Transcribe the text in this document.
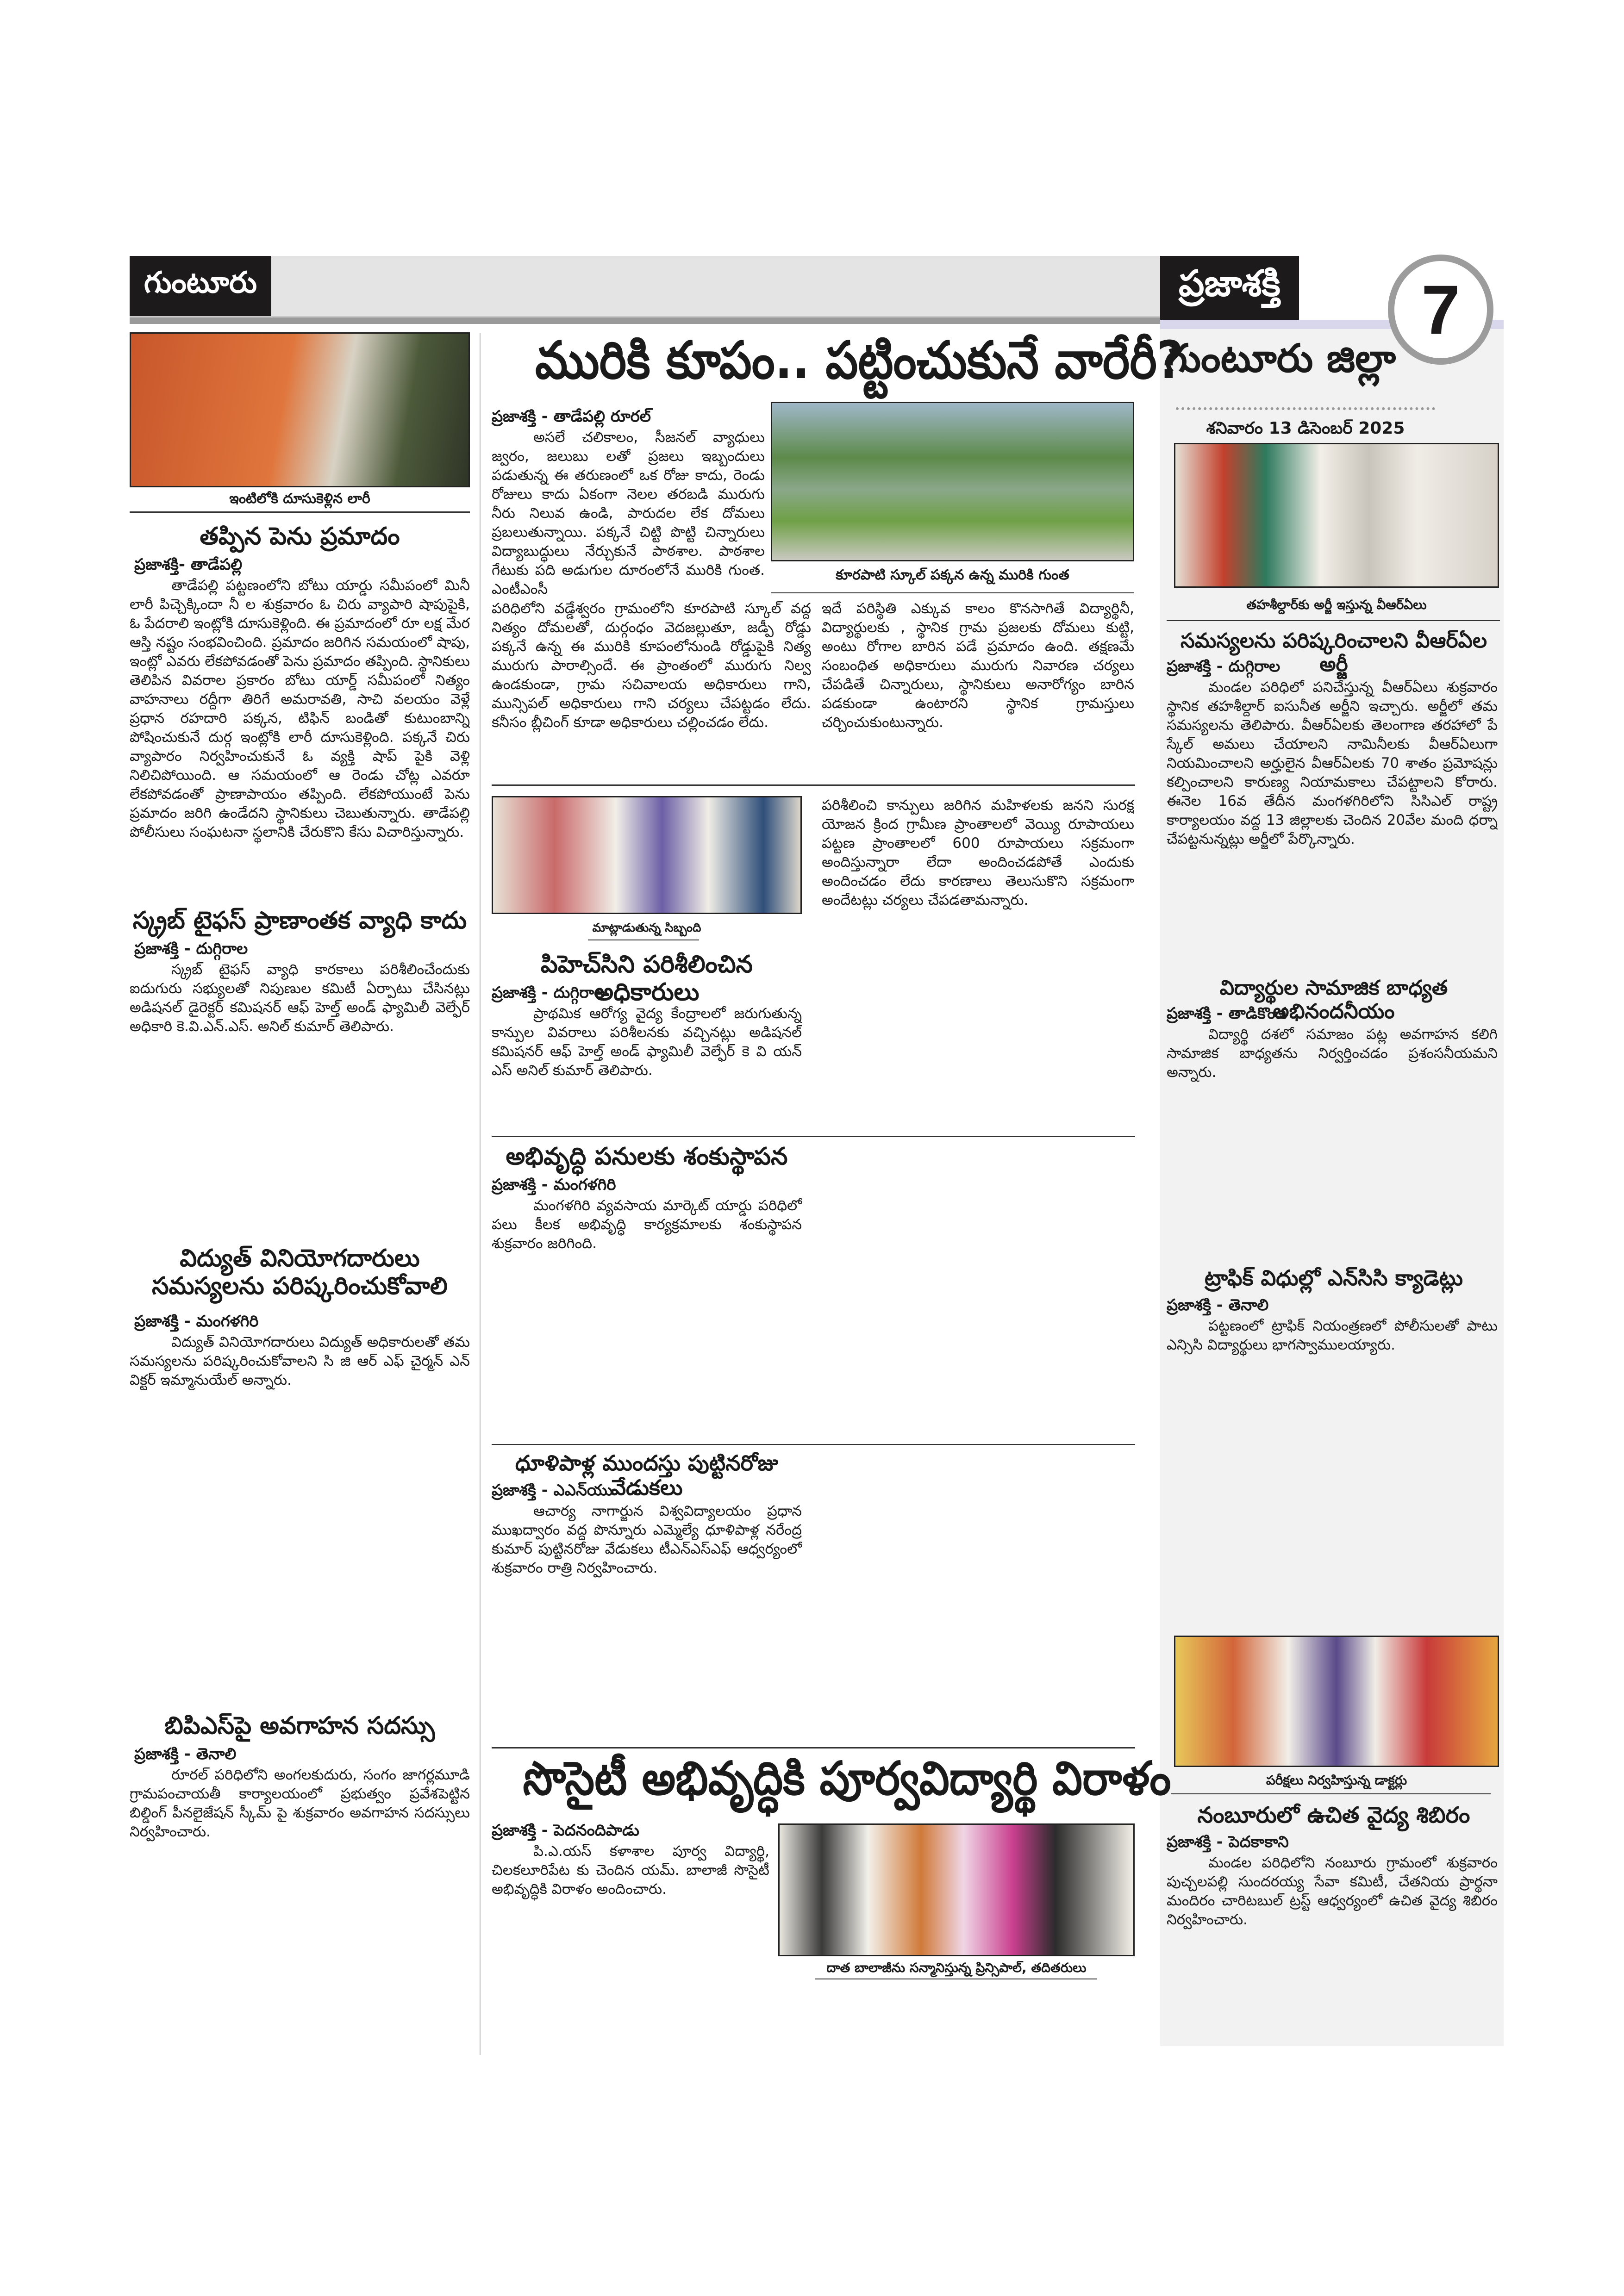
గుంటూరు	ప్రజాశక్తి	7
గుంటూరు జిల్లా
శనివారం 13 డిసెంబర్ 2025
ఇంటిలోకి దూసుకెళ్లిన లారీ
తప్పిన పెను ప్రమాదం
ప్రజాశక్తి- తాడేపల్లి

తాడేపల్లి పట్టణంలోని బోటు యార్డు సమీపంలో మినీ లారీ పిచ్చెక్కిందా నీ ల శుక్రవారం ఓ చిరు వ్యాపారి షాపుపైకి, ఓ పేదరాలి ఇంట్లోకి దూసుకెళ్లింది. ఈ ప్రమాదంలో రూ లక్ష మేర ఆస్తి నష్టం సంభవించింది. ప్రమాదం జరిగిన సమయంలో షాపు, ఇంట్లో ఎవరు లేకపోవడంతో పెను ప్రమాదం తప్పింది. స్థానికులు తెలిపిన వివరాల ప్రకారం బోటు యార్డ్ సమీపంలో నిత్యం వాహనాలు రద్దీగా తిరిగే అమరావతి, సాచి వలయం వెళ్లే ప్రధాన రహదారి పక్కన, టిఫిన్ బండితో కుటుంబాన్ని పోషించుకునే దుర్గ ఇంట్లోకి లారీ దూసుకెళ్లింది. పక్కనే చిరు వ్యాపారం నిర్వహించుకునే ఓ వ్యక్తి షాప్ పైకి వెళ్లి నిలిచిపోయింది. ఆ సమయంలో ఆ రెండు చోట్ల ఎవరూ లేకపోవడంతో ప్రాణాపాయం తప్పింది. లేకపోయుంటే పెను ప్రమాదం జరిగి ఉండేదని స్థానికులు చెబుతున్నారు. తాడేపల్లి పోలీసులు సంఘటనా స్థలానికి చేరుకొని కేసు విచారిస్తున్నారు.

స్క్రబ్ టైఫస్ ప్రాణాంతక వ్యాధి కాదు
ప్రజాశక్తి - దుగ్గిరాల

స్క్రబ్ టైఫస్ వ్యాధి కారకాలు పరిశీలించేందుకు ఐదుగురు సభ్యులతో నిపుణుల కమిటీ ఏర్పాటు చేసినట్లు అడిషనల్ డైరెక్టర్ కమిషనర్ ఆఫ్ హెల్త్ అండ్ ఫ్యామిలీ వెల్ఫేర్ అధికారి కె.వి.ఎన్.ఎస్. అనిల్ కుమార్ తెలిపారు.

విద్యుత్ వినియోగదారులు సమస్యలను పరిష్కరించుకోవాలి
ప్రజాశక్తి - మంగళగిరి

విద్యుత్ వినియోగదారులు విద్యుత్ అధికారులతో తమ సమస్యలను పరిష్కరించుకోవాలని సి జి ఆర్ ఎఫ్ చైర్మన్ ఎన్ విక్టర్ ఇమ్మానుయేల్ అన్నారు.

బిపిఎస్‌పై అవగాహన సదస్సు
ప్రజాశక్తి - తెనాలి

రూరల్ పరిధిలోని అంగలకుదురు, సంగం జాగర్లమూడి గ్రామపంచాయతీ కార్యాలయంలో ప్రభుత్వం ప్రవేశపెట్టిన బిల్డింగ్ పీనలైజేషన్ స్కీమ్ పై శుక్రవారం అవగాహన సదస్సులు నిర్వహించారు.

మురికి కూపం.. పట్టించుకునే వారేరీ?
ప్రజాశక్తి - తాడేపల్లి రూరల్

అసలే చలికాలం, సీజనల్ వ్యాధులు జ్వరం, జలుబు లతో ప్రజలు ఇబ్బందులు పడుతున్న ఈ తరుణంలో ఒక రోజు కాదు, రెండు రోజులు కాదు ఏకంగా నెలల తరబడి మురుగు నీరు నిలువ ఉండి, పారుదల లేక దోమలు ప్రబలుతున్నాయి. పక్కనే చిట్టి పొట్టి చిన్నారులు విద్యాబుద్ధులు నేర్చుకునే పాఠశాల. పాఠశాల గేటుకు పది అడుగుల దూరంలోనే మురికి గుంత. ఎంటీఎంసీ

కూరపాటి స్కూల్ పక్కన ఉన్న మురికి గుంత

పరిధిలోని వడ్డేశ్వరం గ్రామంలోని కూరపాటి స్కూల్ వద్ద నిత్యం దోమలతో, దుర్గంధం వెదజల్లుతూ, జడ్పీ రోడ్డు పక్కనే ఉన్న ఈ మురికి కూపంలోనుండి రోడ్డుపైకి నిత్య మురుగు పారాల్సిందే. ఈ ప్రాంతంలో మురుగు నిల్వ ఉండకుండా, గ్రామ సచివాలయ అధికారులు గాని, మున్సిపల్ అధికారులు గాని చర్యలు చేపట్టడం లేదు. కనీసం బ్లీచింగ్ కూడా అధికారులు చల్లించడం లేదు.

ఇదే పరిస్థితి ఎక్కువ కాలం కొనసాగితే విద్యార్థినీ, విద్యార్థులకు , స్థానిక గ్రామ ప్రజలకు దోమలు కుట్టి, అంటు రోగాల బారిన పడే ప్రమాదం ఉంది. తక్షణమే సంబంధిత అధికారులు మురుగు నివారణ చర్యలు చేపడితే చిన్నారులు, స్థానికులు అనారోగ్యం బారిన పడకుండా ఉంటారని స్థానిక గ్రామస్తులు చర్చించుకుంటున్నారు.

మాట్లాడుతున్న సిబ్బంది
పిహెచ్‌సిని పరిశీలించిన అధికారులు
ప్రజాశక్తి - దుగ్గిరాల

ప్రాథమిక ఆరోగ్య వైద్య కేంద్రాలలో జరుగుతున్న కాన్పుల వివరాలు పరిశీలనకు వచ్చినట్లు అడిషనల్ కమిషనర్ ఆఫ్ హెల్త్ అండ్ ఫ్యామిలీ వెల్ఫేర్ కె వి యన్ ఎస్ అనిల్ కుమార్ తెలిపారు.

పరిశీలించి కాన్పులు జరిగిన మహిళలకు జనని సురక్ష యోజన క్రింద గ్రామీణ ప్రాంతాలలో వెయ్యి రూపాయలు పట్టణ ప్రాంతాలలో 600 రూపాయలు సక్రమంగా అందిస్తున్నారా లేదా అందించడపోతే ఎందుకు అందించడం లేదు కారణాలు తెలుసుకొని సక్రమంగా అందేటట్లు చర్యలు చేపడతామన్నారు.

అభివృద్ధి పనులకు శంకుస్థాపన
ప్రజాశక్తి - మంగళగిరి

మంగళగిరి వ్యవసాయ మార్కెట్ యార్డు పరిధిలో పలు కీలక అభివృద్ధి కార్యక్రమాలకు శంకుస్థాపన శుక్రవారం జరిగింది.

ధూళిపాళ్ల ముందస్తు పుట్టినరోజు వేడుకలు
ప్రజాశక్తి - ఎఎన్‌యు

ఆచార్య నాగార్జున విశ్వవిద్యాలయం ప్రధాన ముఖద్వారం వద్ద పొన్నూరు ఎమ్మెల్యే ధూళిపాళ్ల నరేంద్ర కుమార్ పుట్టినరోజు వేడుకలు టీఎన్ఎస్ఎఫ్ ఆధ్వర్యంలో శుక్రవారం రాత్రి నిర్వహించారు.

సొసైటీ అభివృద్ధికి పూర్వవిద్యార్థి విరాళం
ప్రజాశక్తి - పెదనందిపాడు

పి.ఎ.యస్ కళాశాల పూర్వ విద్యార్థి, చిలకలూరిపేట కు చెందిన యమ్. బాలాజీ సొసైటీ అభివృద్ధికి విరాళం అందించారు.

దాత బాలాజీను సన్మానిస్తున్న ప్రిన్సిపాల్, తదితరులు
తహశీల్దార్‌కు అర్జీ ఇస్తున్న వీఆర్‌ఏలు
సమస్యలను పరిష్కరించాలని వీఆర్‌ఏల అర్జీ
ప్రజాశక్తి - దుగ్గిరాల

మండల పరిధిలో పనిచేస్తున్న వీఆర్ఏలు శుక్రవారం స్థానిక తహశీల్దార్ ఐసునీత అర్జీని ఇచ్చారు. అర్జీలో తమ సమస్యలను తెలిపారు. వీఆర్ఏలకు తెలంగాణ తరహాలో పే స్కేల్ అమలు చేయాలని నామినీలకు వీఆర్ఏలుగా నియమించాలని అర్హులైన వీఆర్ఏలకు 70 శాతం ప్రమోషన్లు కల్పించాలని కారుణ్య నియామకాలు చేపట్టాలని కోరారు. ఈనెల 16వ తేదీన మంగళగిరిలోని సిసిఎల్ రాష్ట్ర కార్యాలయం వద్ద 13 జిల్లాలకు చెందిన 20వేల మంది ధర్నా చేపట్టనున్నట్లు అర్జీలో పేర్కొన్నారు.

విద్యార్థుల సామాజిక బాధ్యత అభినందనీయం
ప్రజాశక్తి - తాడికొండ

విద్యార్థి దశలో సమాజం పట్ల అవగాహన కలిగి సామాజిక బాధ్యతను నిర్వర్తించడం ప్రశంసనీయమని అన్నారు.

ట్రాఫిక్ విధుల్లో ఎన్‌సిసి క్యాడెట్లు
ప్రజాశక్తి - తెనాలి

పట్టణంలో ట్రాఫిక్ నియంత్రణలో పోలీసులతో పాటు ఎన్సిసి విద్యార్థులు భాగస్వాములయ్యారు.

పరీక్షలు నిర్వహిస్తున్న డాక్టర్లు
నంబూరులో ఉచిత వైద్య శిబిరం
ప్రజాశక్తి - పెదకాకాని

మండల పరిధిలోని నంబూరు గ్రామంలో శుక్రవారం పుచ్చలపల్లి సుందరయ్య సేవా కమిటీ, చేతనియ ప్రార్థనా మందిరం చారిటబుల్ ట్రస్ట్ ఆధ్వర్యంలో ఉచిత వైద్య శిబిరం నిర్వహించారు.
